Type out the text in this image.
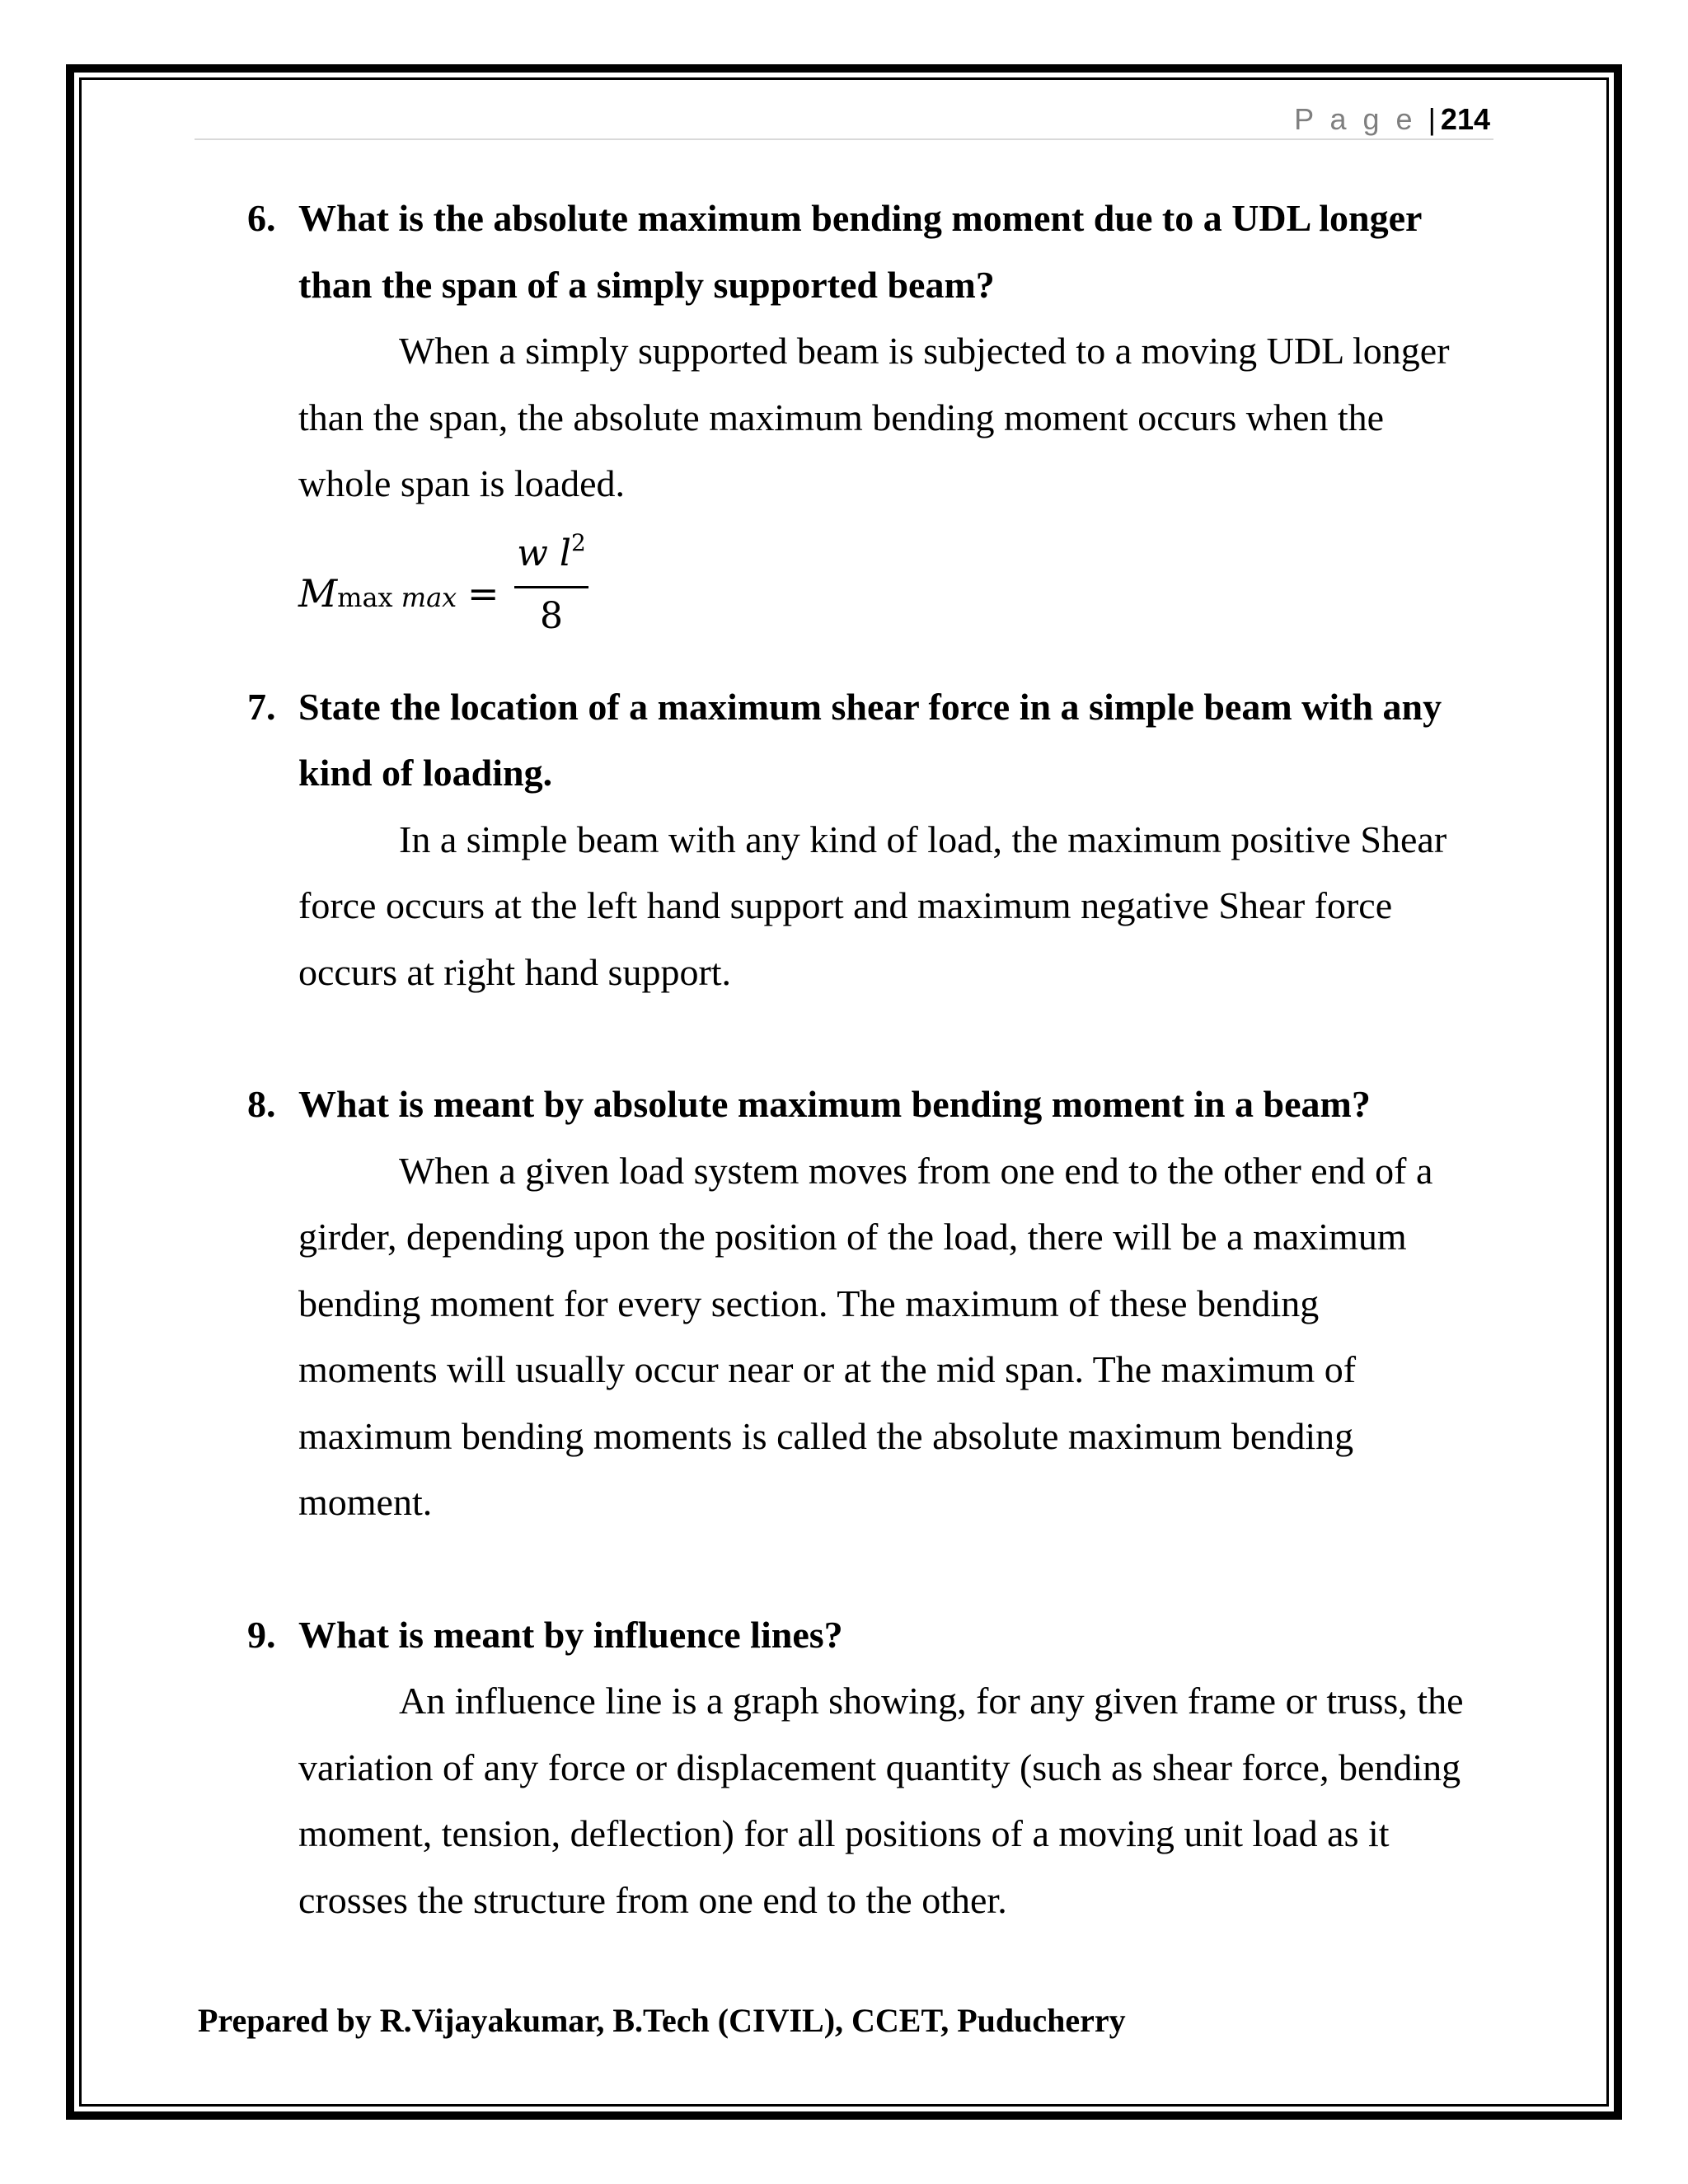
P a g e | 214
6. What is the absolute maximum bending moment due to a UDL longer
than the span of a simply supported beam?
When a simply supported beam is subjected to a moving UDL longer
than the span, the absolute maximum bending moment occurs when the
whole span is loaded.
Mmax max =
w $l^2$
8
7. State the location of a maximum shear force in a simple beam with any
kind of loading.
In a simple beam with any kind of load, the maximum positive Shear
force occurs at the left hand support and maximum negative Shear force
occurs at right hand support.
8. What is meant by absolute maximum bending moment in a beam?
When a given load system moves from one end to the other end of a
girder, depending upon the position of the load, there will be a maximum
bending moment for every section. The maximum of these bending
moments will usually occur near or at the mid span. The maximum of
maximum bending moments is called the absolute maximum bending
moment.
9. What is meant by influence lines?
An influence line is a graph showing, for any given frame or truss, the
variation of any force or displacement quantity (such as shear force, bending
moment, tension, deflection) for all positions of a moving unit load as it
crosses the structure from one end to the other.
Prepared by R.Vijayakumar, B.Tech (CIVIL), CCET, Puducherry
